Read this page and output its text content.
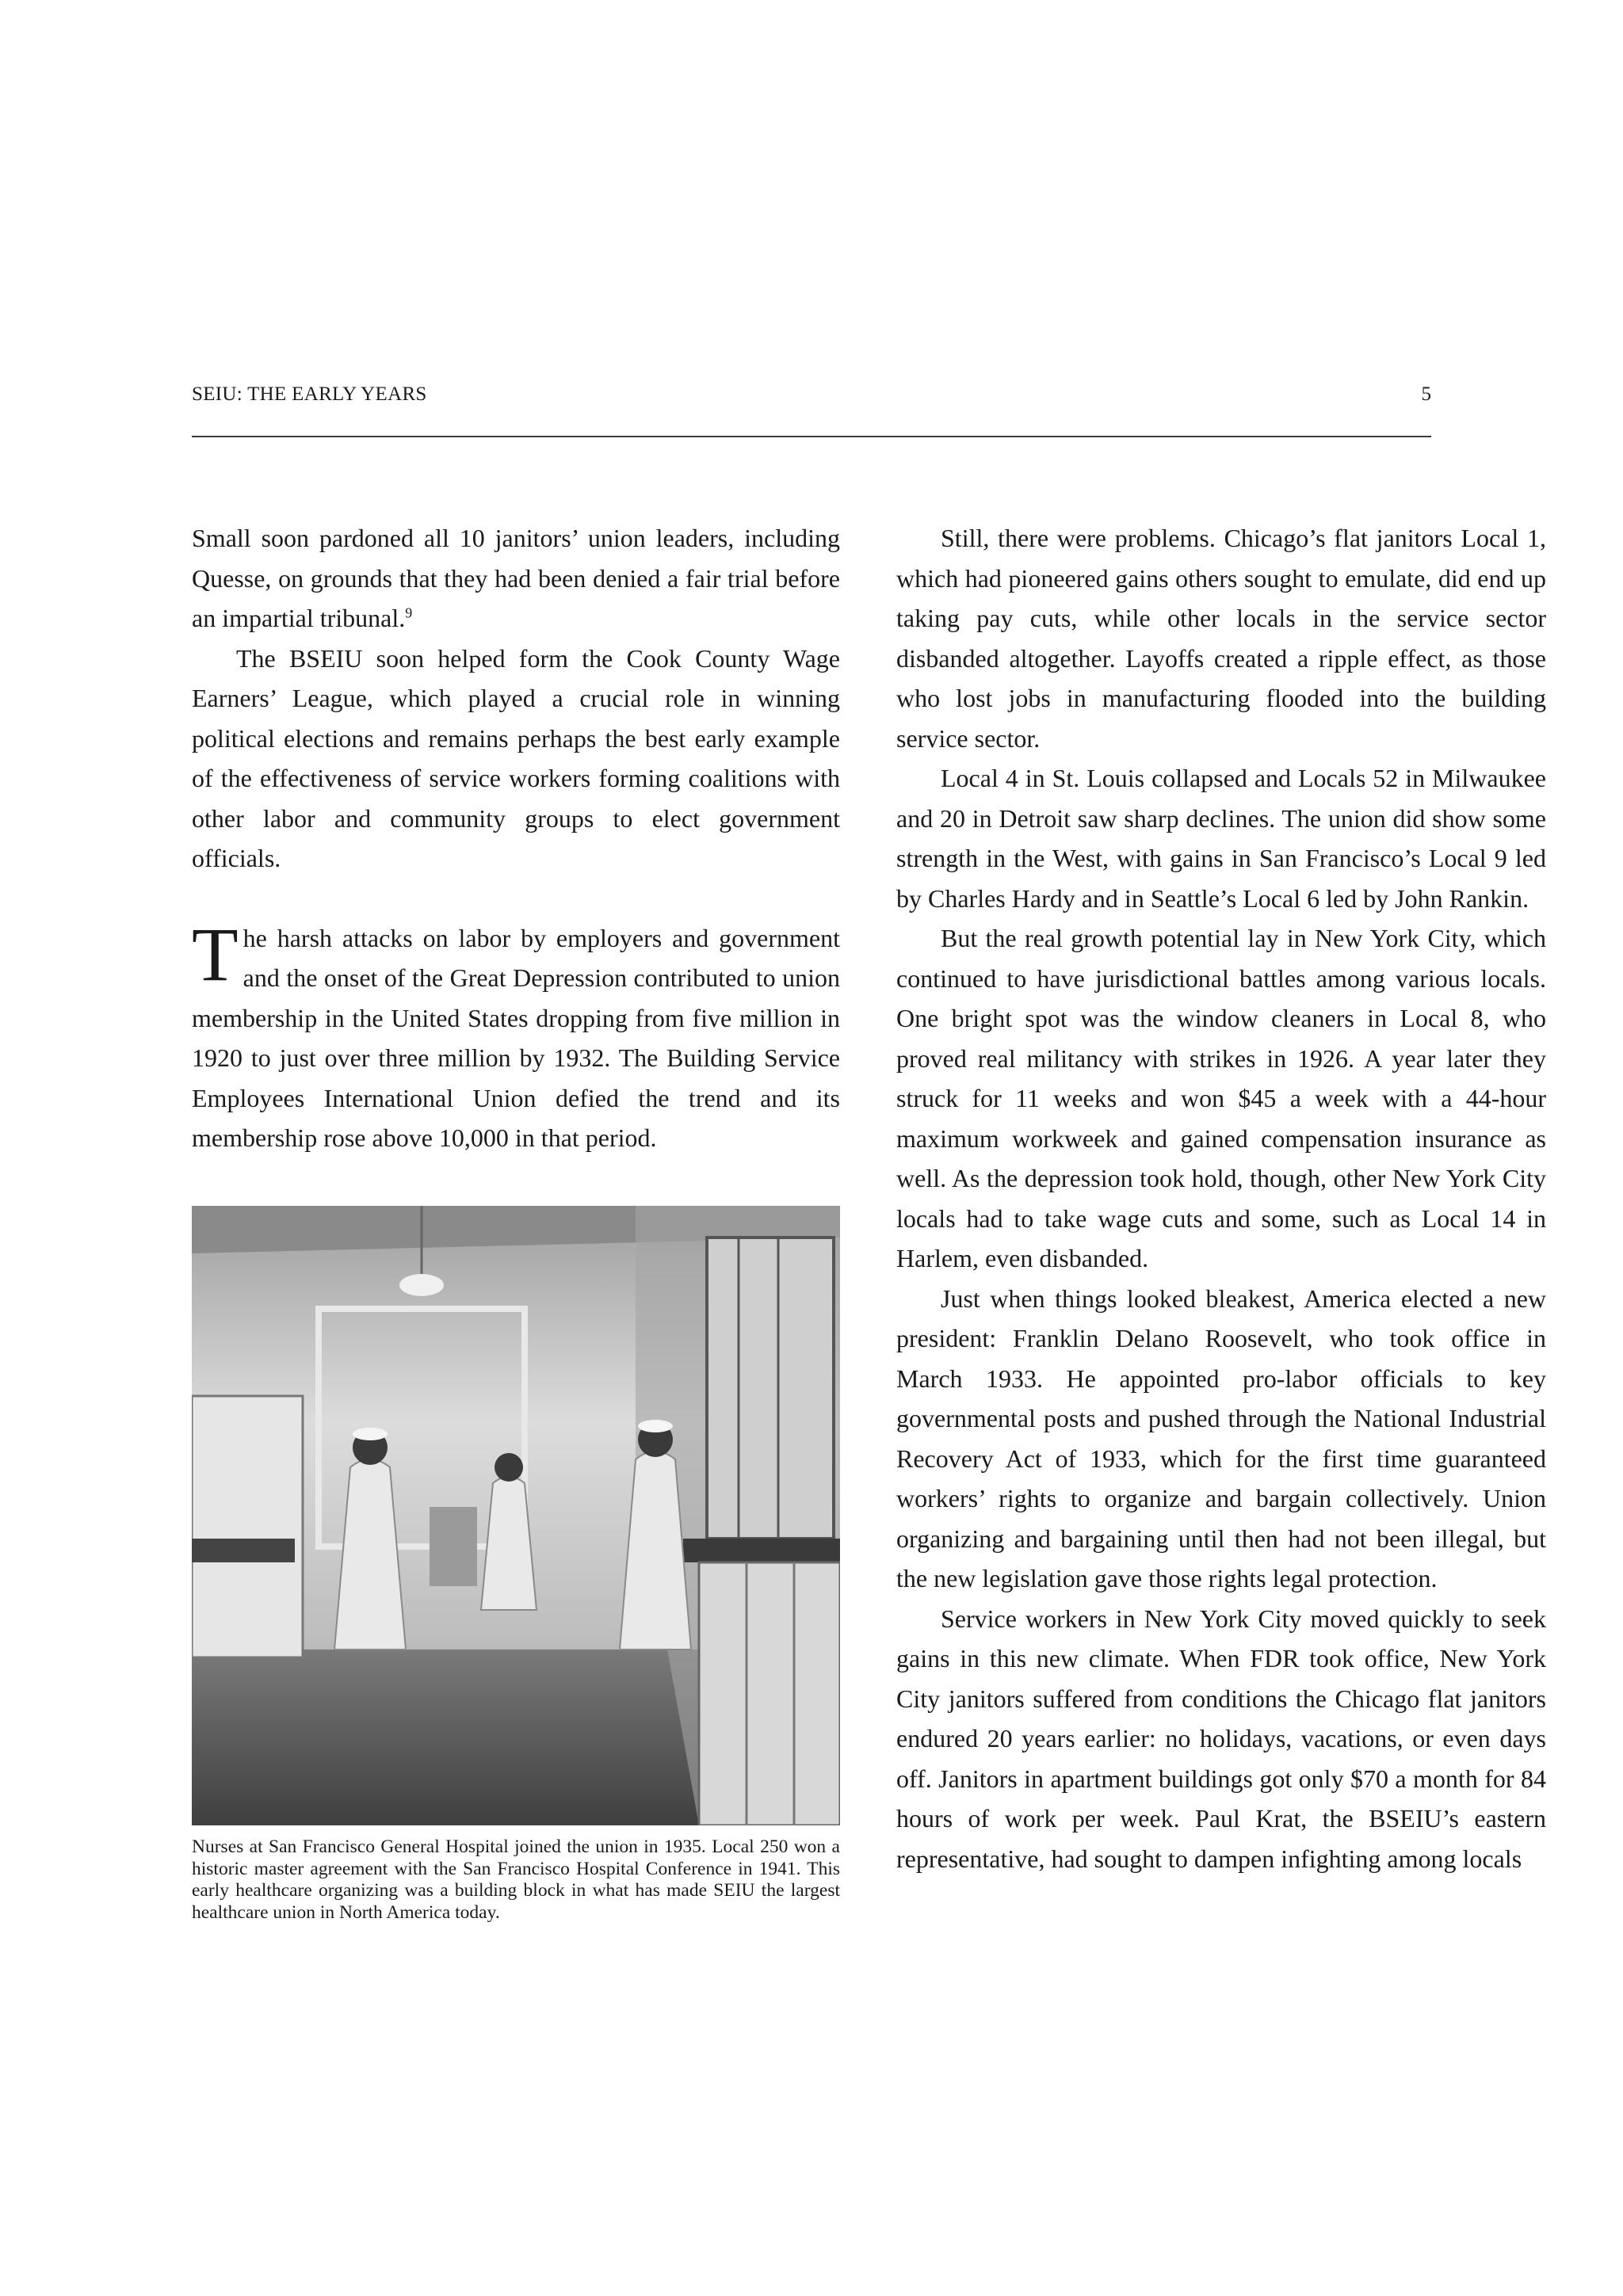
SEIU: THE EARLY YEARS	5

Small soon pardoned all 10 janitors’ union leaders, including Quesse, on grounds that they had been denied a fair trial before an impartial tribunal.$^9$

The BSEIU soon helped form the Cook County Wage Earners’ League, which played a crucial role in winning political elections and remains perhaps the best early example of the effectiveness of service workers forming coalitions with other labor and community groups to elect government officials.

The harsh attacks on labor by employers and government and the onset of the Great Depression contributed to union membership in the United States dropping from five million in 1920 to just over three million by 1932. The Building Service Employees International Union defied the trend and its membership rose above 10,000 in that period.

Nurses at San Francisco General Hospital joined the union in 1935. Local 250 won a historic master agreement with the San Francisco Hospital Conference in 1941. This early healthcare organizing was a building block in what has made SEIU the largest healthcare union in North America today.

Still, there were problems. Chicago’s flat janitors Local 1, which had pioneered gains others sought to emulate, did end up taking pay cuts, while other locals in the service sector disbanded altogether. Layoffs created a ripple effect, as those who lost jobs in manufacturing flooded into the building service sector.

Local 4 in St. Louis collapsed and Locals 52 in Milwaukee and 20 in Detroit saw sharp declines. The union did show some strength in the West, with gains in San Francisco’s Local 9 led by Charles Hardy and in Seattle’s Local 6 led by John Rankin.

But the real growth potential lay in New York City, which continued to have jurisdictional battles among various locals. One bright spot was the window cleaners in Local 8, who proved real militancy with strikes in 1926. A year later they struck for 11 weeks and won $45 a week with a 44-hour maximum workweek and gained compensation insurance as well. As the depression took hold, though, other New York City locals had to take wage cuts and some, such as Local 14 in Harlem, even disbanded.

Just when things looked bleakest, America elected a new president: Franklin Delano Roosevelt, who took office in March 1933. He appointed pro-labor officials to key governmental posts and pushed through the National Industrial Recovery Act of 1933, which for the first time guaranteed workers’ rights to organize and bargain collectively. Union organizing and bargaining until then had not been illegal, but the new legislation gave those rights legal protection.

Service workers in New York City moved quickly to seek gains in this new climate. When FDR took office, New York City janitors suffered from conditions the Chicago flat janitors endured 20 years earlier: no holidays, vacations, or even days off. Janitors in apartment buildings got only $70 a month for 84 hours of work per week. Paul Krat, the BSEIU’s eastern representative, had sought to dampen infighting among locals
